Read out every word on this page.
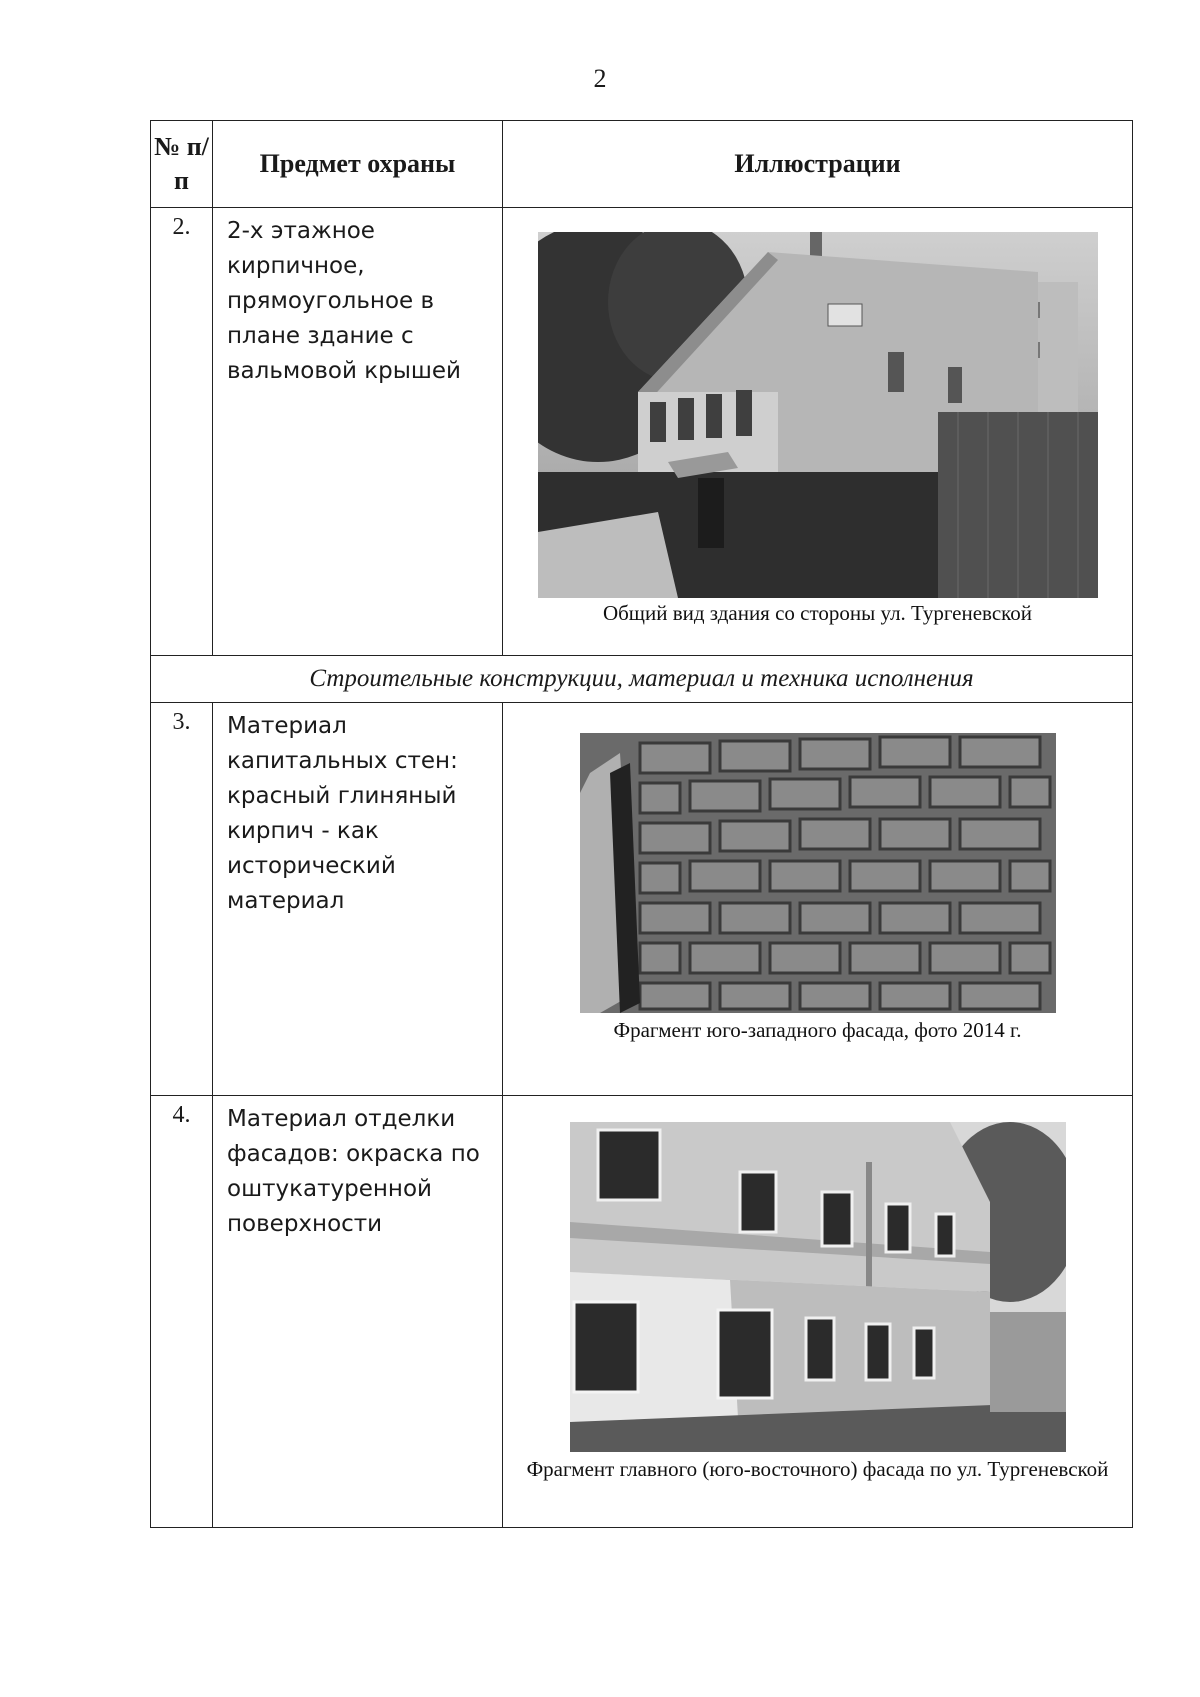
2
№ п/п	Предмет охраны	Иллюстрации
2.	2-х этажное кирпичное, прямоугольное в плане здание с вальмовой крышей	Общий вид здания со стороны ул. Тургеневской

Строительные конструкции, материал и техника исполнения		
3.	Материал капитальных стен: красный глиняный кирпич - как исторический материал	Фрагмент юго-западного фасада, фото 2014 г.

4.	Материал отделки фасадов: окраска по оштукатуренной поверхности	Фрагмент главного (юго-восточного) фасада по ул. Тургеневской
